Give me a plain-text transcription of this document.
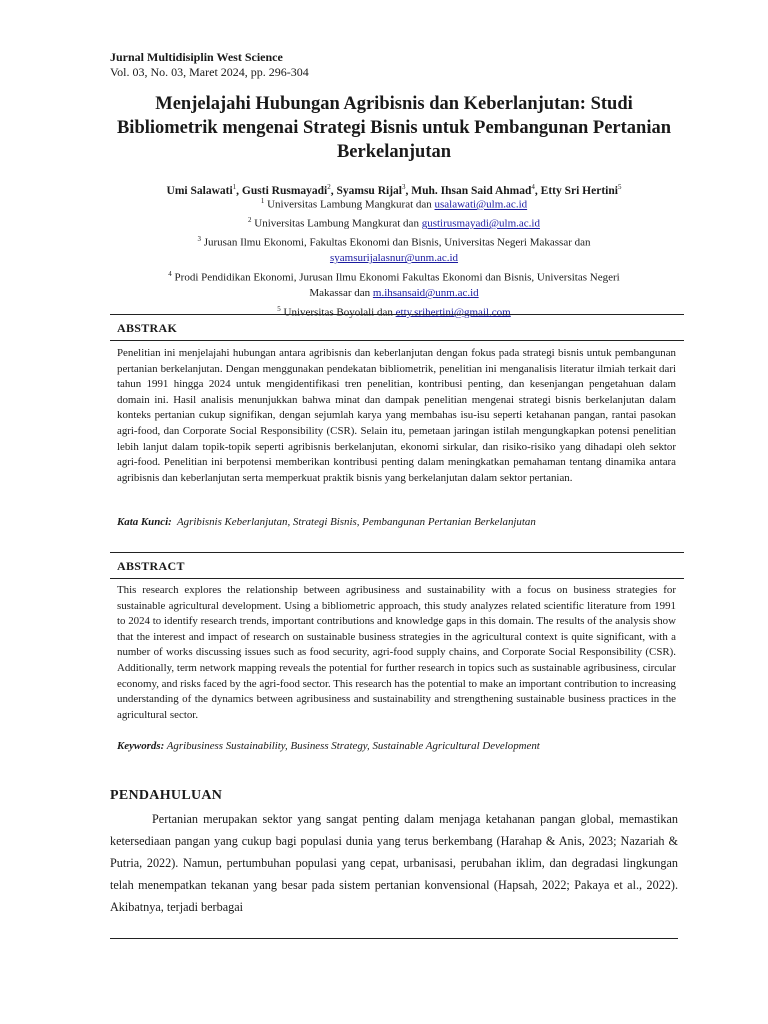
Jurnal Multidisiplin West Science
Vol. 03, No. 03, Maret 2024, pp. 296-304
Menjelajahi Hubungan Agribisnis dan Keberlanjutan: Studi Bibliometrik mengenai Strategi Bisnis untuk Pembangunan Pertanian Berkelanjutan
Umi Salawati$^1$, Gusti Rusmayadi$^2$, Syamsu Rijal$^3$, Muh. Ihsan Said Ahmad$^4$, Etty Sri Hertini$^5$
$^1$ Universitas Lambung Mangkurat dan usalawati@ulm.ac.id
$^2$ Universitas Lambung Mangkurat dan gustirusmayadi@ulm.ac.id
$^3$ Jurusan Ilmu Ekonomi, Fakultas Ekonomi dan Bisnis, Universitas Negeri Makassar dan
syamsurijalasnur@unm.ac.id
$^4$ Prodi Pendidikan Ekonomi, Jurusan Ilmu Ekonomi Fakultas Ekonomi dan Bisnis, Universitas Negeri
Makassar dan m.ihsansaid@unm.ac.id
$^5$ Universitas Boyolali dan etty.srihertini@gmail.com
ABSTRAK
Penelitian ini menjelajahi hubungan antara agribisnis dan keberlanjutan dengan fokus pada strategi bisnis untuk pembangunan pertanian berkelanjutan. Dengan menggunakan pendekatan bibliometrik, penelitian ini menganalisis literatur ilmiah terkait dari tahun 1991 hingga 2024 untuk mengidentifikasi tren penelitian, kontribusi penting, dan kesenjangan pengetahuan dalam domain ini. Hasil analisis menunjukkan bahwa minat dan dampak penelitian mengenai strategi bisnis berkelanjutan dalam konteks pertanian cukup signifikan, dengan sejumlah karya yang membahas isu-isu seperti ketahanan pangan, rantai pasokan agri-food, dan Corporate Social Responsibility (CSR). Selain itu, pemetaan jaringan istilah mengungkapkan potensi penelitian lebih lanjut dalam topik-topik seperti agribisnis berkelanjutan, ekonomi sirkular, dan risiko-risiko yang dihadapi oleh sektor agri-food. Penelitian ini berpotensi memberikan kontribusi penting dalam meningkatkan pemahaman tentang dinamika antara agribisnis dan keberlanjutan serta memperkuat praktik bisnis yang berkelanjutan dalam sektor pertanian.
Kata Kunci: Agribisnis Keberlanjutan, Strategi Bisnis, Pembangunan Pertanian Berkelanjutan
ABSTRACT
This research explores the relationship between agribusiness and sustainability with a focus on business strategies for sustainable agricultural development. Using a bibliometric approach, this study analyzes related scientific literature from 1991 to 2024 to identify research trends, important contributions and knowledge gaps in this domain. The results of the analysis show that the interest and impact of research on sustainable business strategies in the agricultural context is quite significant, with a number of works discussing issues such as food security, agri-food supply chains, and Corporate Social Responsibility (CSR). Additionally, term network mapping reveals the potential for further research in topics such as sustainable agribusiness, circular economy, and risks faced by the agri-food sector. This research has the potential to make an important contribution to increasing understanding of the dynamics between agribusiness and sustainability and strengthening sustainable business practices in the agricultural sector.
Keywords: Agribusiness Sustainability, Business Strategy, Sustainable Agricultural Development
PENDAHULUAN
Pertanian merupakan sektor yang sangat penting dalam menjaga ketahanan pangan global, memastikan ketersediaan pangan yang cukup bagi populasi dunia yang terus berkembang (Harahap & Anis, 2023; Nazariah & Putria, 2022). Namun, pertumbuhan populasi yang cepat, urbanisasi, perubahan iklim, dan degradasi lingkungan telah menempatkan tekanan yang besar pada sistem pertanian konvensional (Hapsah, 2022; Pakaya et al., 2022). Akibatnya, terjadi berbagai
